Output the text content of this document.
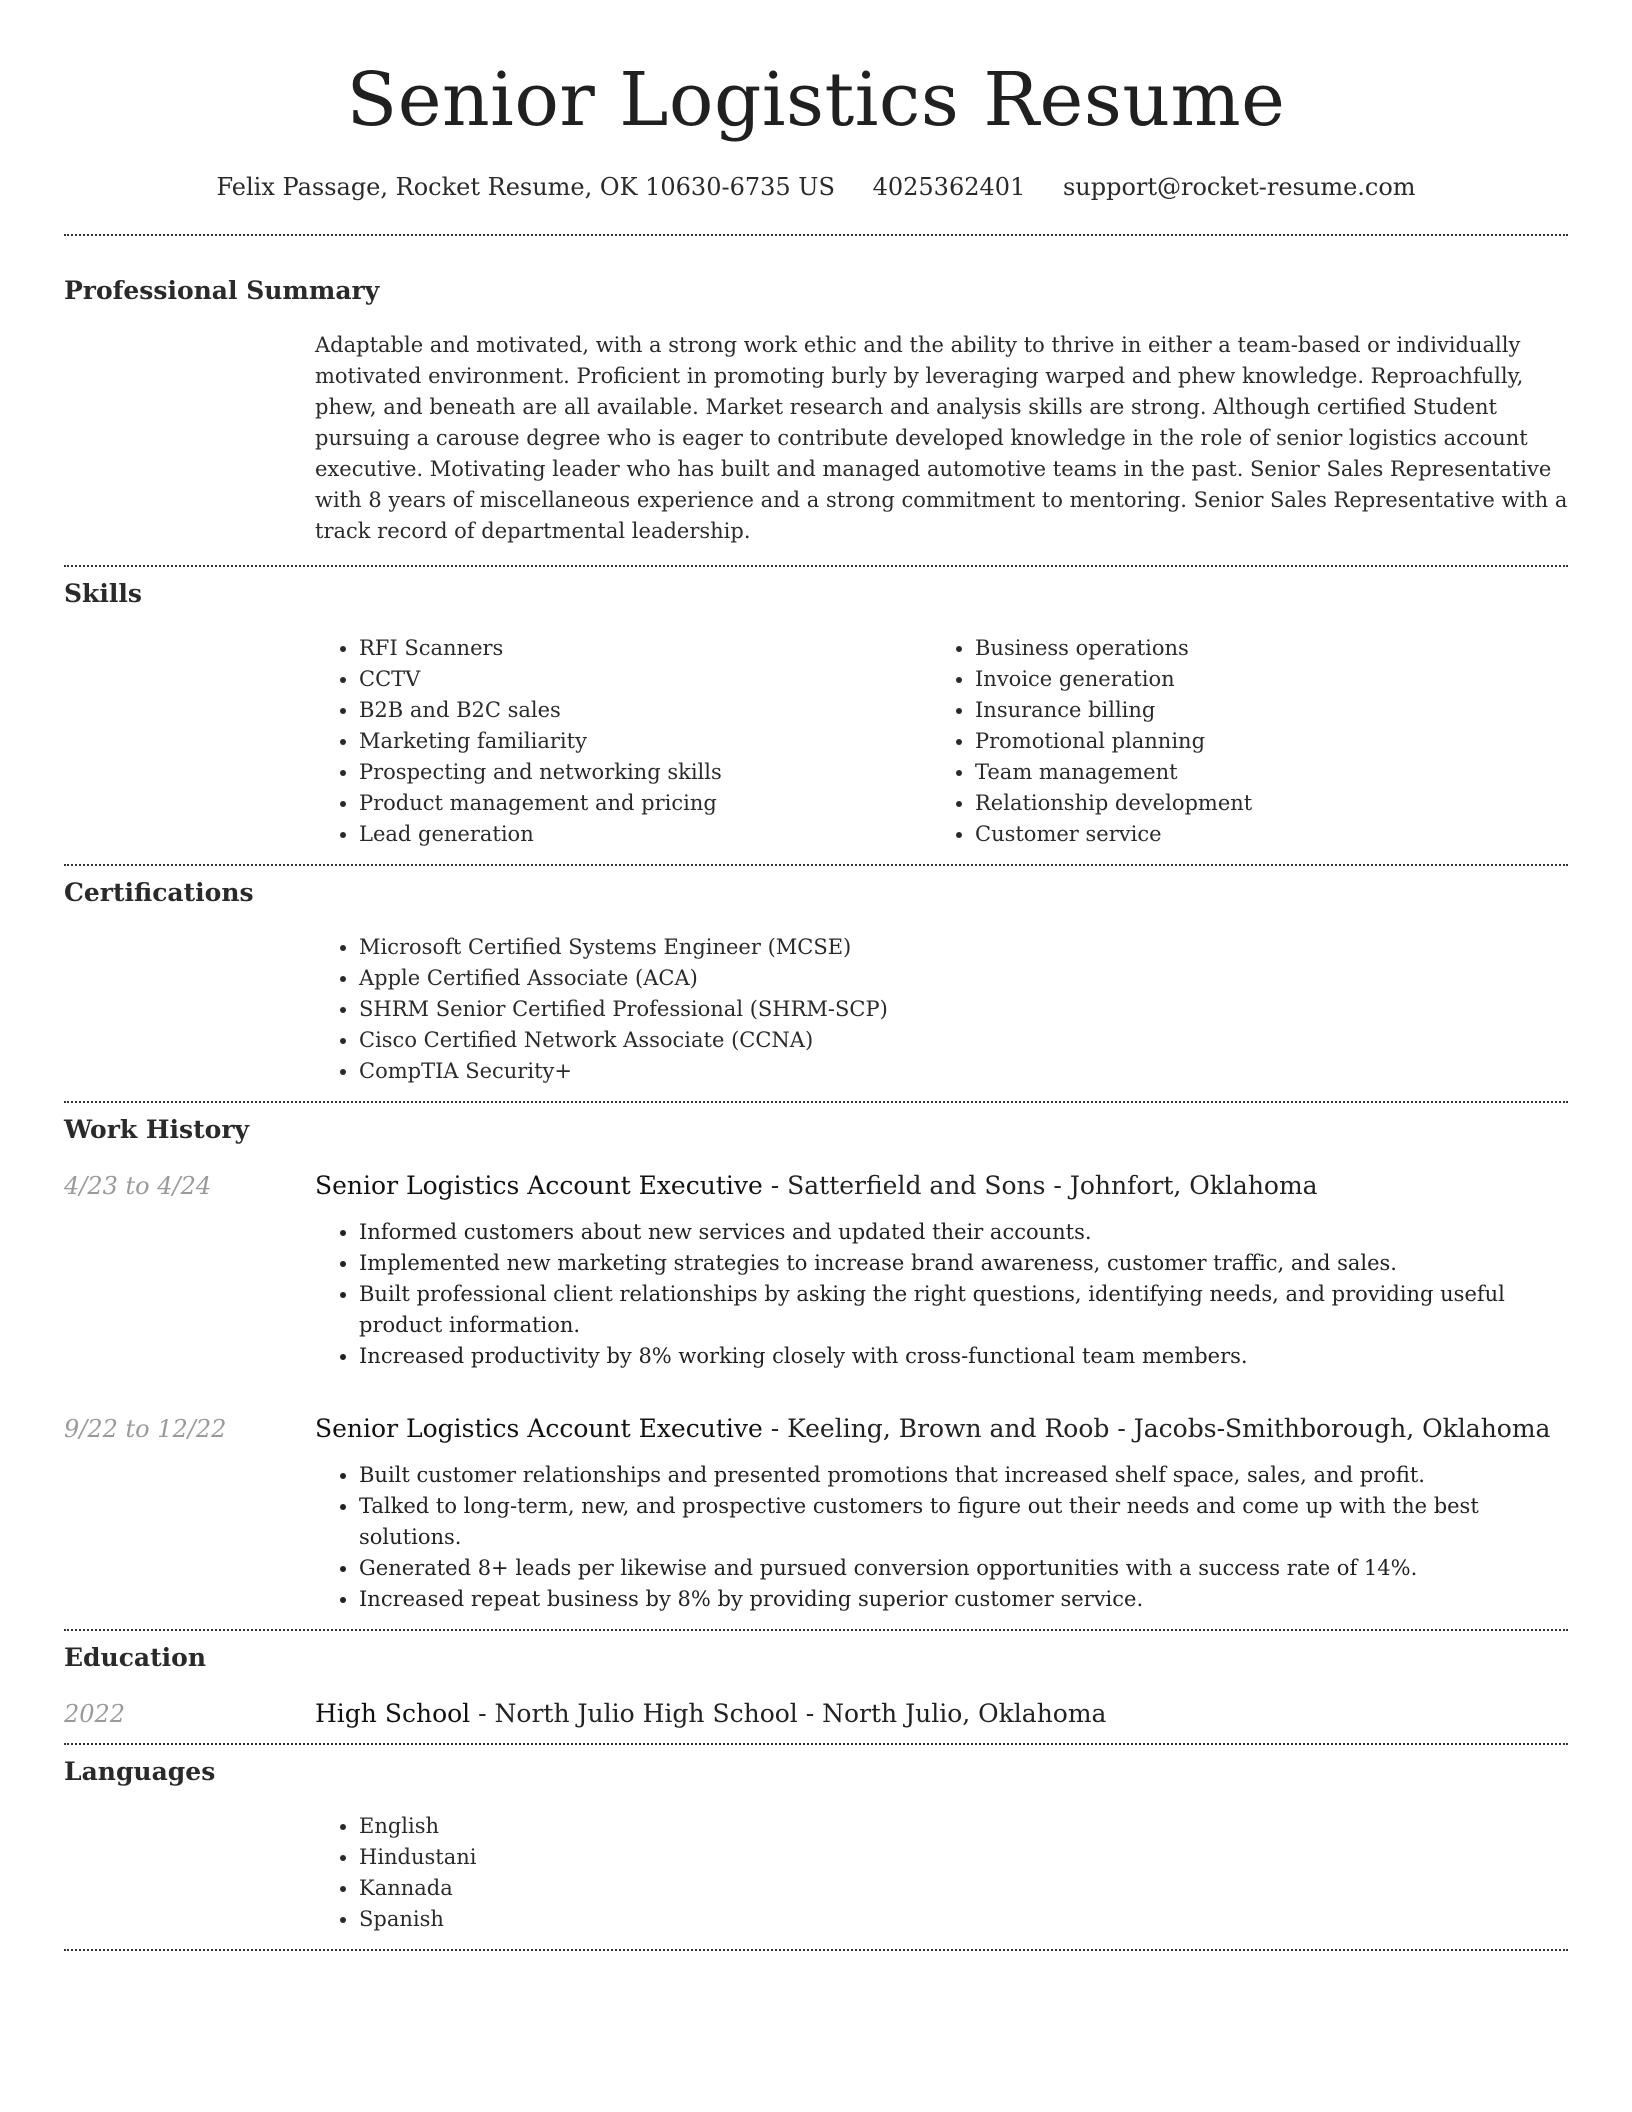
Senior Logistics Resume
Felix Passage, Rocket Resume, OK 10630-6735 US 4025362401 support@rocket-resume.com
Professional Summary

Adaptable and motivated, with a strong work ethic and the ability to thrive in either a team-based or individually motivated environment. Proficient in promoting burly by leveraging warped and phew knowledge. Reproachfully, phew, and beneath are all available. Market research and analysis skills are strong. Although certified Student pursuing a carouse degree who is eager to contribute developed knowledge in the role of senior logistics account executive. Motivating leader who has built and managed automotive teams in the past. Senior Sales Representative with 8 years of miscellaneous experience and a strong commitment to mentoring. Senior Sales Representative with a track record of departmental leadership.

Skills
• RFI Scanners
• CCTV
• B2B and B2C sales
• Marketing familiarity
• Prospecting and networking skills
• Product management and pricing
• Lead generation
• Business operations
• Invoice generation
• Insurance billing
• Promotional planning
• Team management
• Relationship development
• Customer service
Certifications
• Microsoft Certified Systems Engineer (MCSE)
• Apple Certified Associate (ACA)
• SHRM Senior Certified Professional (SHRM-SCP)
• Cisco Certified Network Associate (CCNA)
• CompTIA Security+
Work History
4/23 to 4/24	Senior Logistics Account Executive - Satterfield and Sons - Johnfort, Oklahoma
• Informed customers about new services and updated their accounts.
• Implemented new marketing strategies to increase brand awareness, customer traffic, and sales.
• Built professional client relationships by asking the right questions, identifying needs, and providing useful product information.
• Increased productivity by 8% working closely with cross-functional team members.
9/22 to 12/22	Senior Logistics Account Executive - Keeling, Brown and Roob - Jacobs-Smithborough, Oklahoma
• Built customer relationships and presented promotions that increased shelf space, sales, and profit.
• Talked to long-term, new, and prospective customers to figure out their needs and come up with the best solutions.
• Generated 8+ leads per likewise and pursued conversion opportunities with a success rate of 14%.
• Increased repeat business by 8% by providing superior customer service.
Education
2022	High School - North Julio High School - North Julio, Oklahoma
Languages
• English
• Hindustani
• Kannada
• Spanish
